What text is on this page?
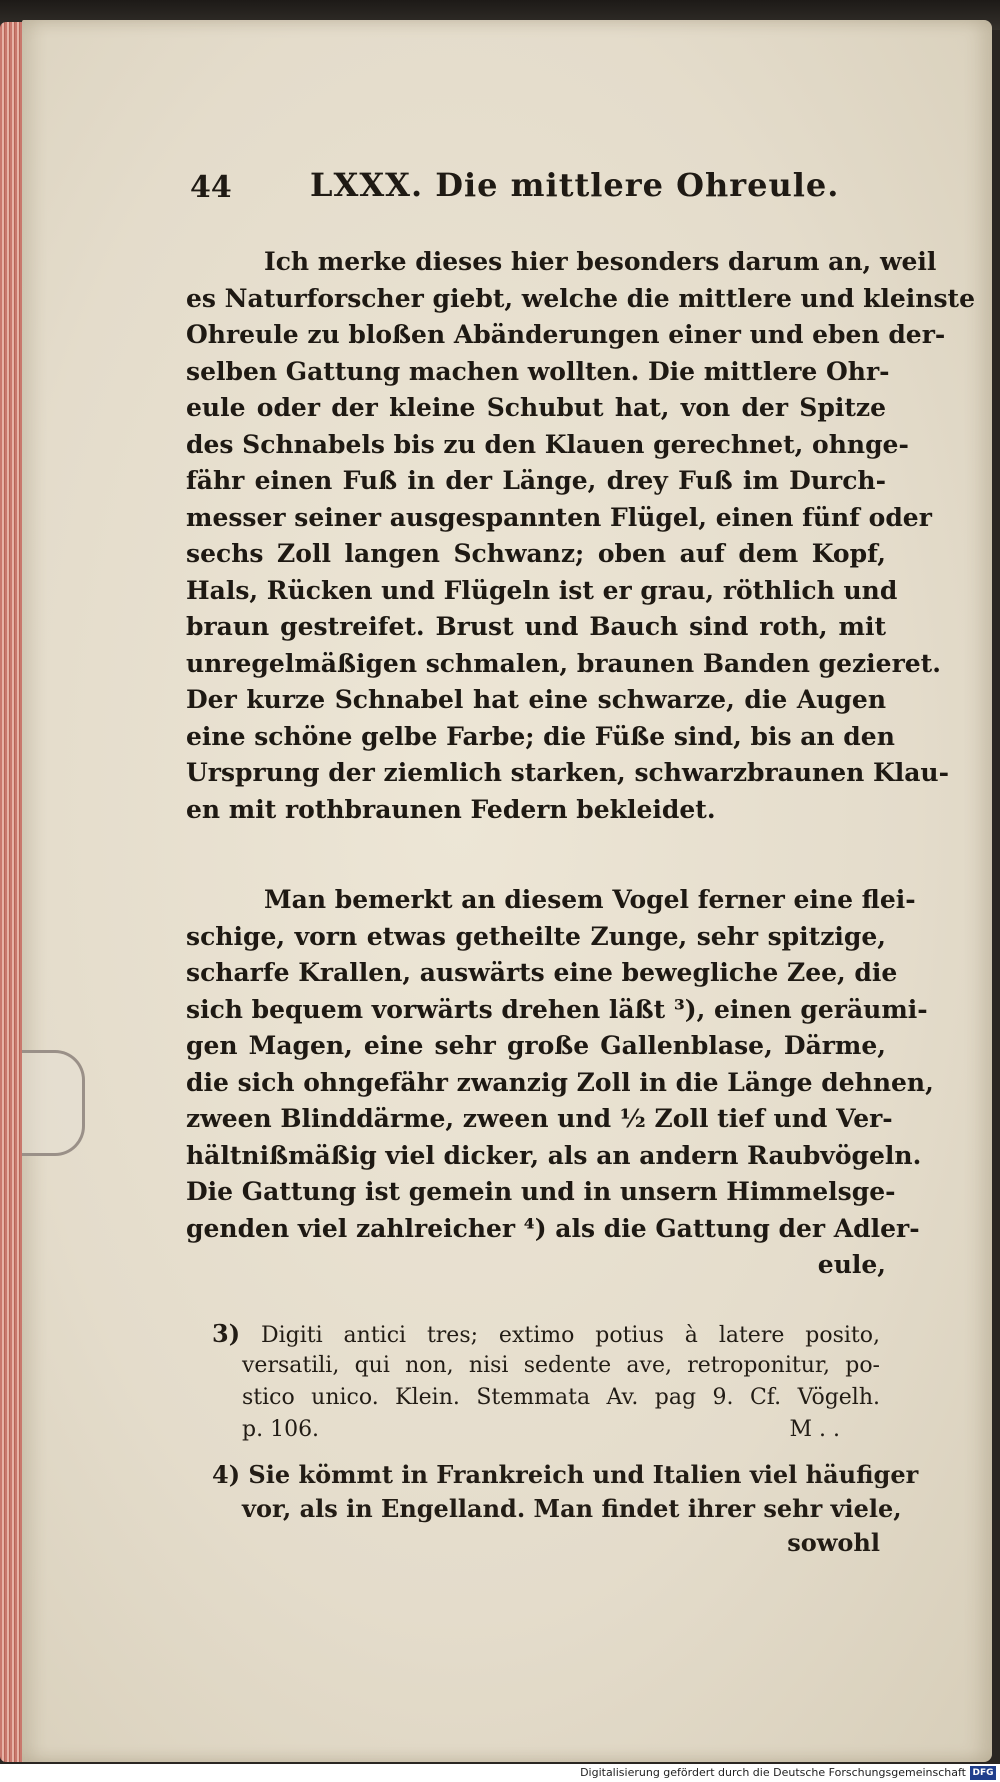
44 LXXX. Die mittlere Ohreule.
Ich merke dieses hier besonders darum an, weil
es Naturforscher giebt, welche die mittlere und kleinste
Ohreule zu bloßen Abänderungen einer und eben der-
selben Gattung machen wollten. Die mittlere Ohr-
eule oder der kleine Schubut hat, von der Spitze
des Schnabels bis zu den Klauen gerechnet, ohnge-
fähr einen Fuß in der Länge, drey Fuß im Durch-
messer seiner ausgespannten Flügel, einen fünf oder
sechs Zoll langen Schwanz; oben auf dem Kopf,
Hals, Rücken und Flügeln ist er grau, röthlich und
braun gestreifet. Brust und Bauch sind roth, mit
unregelmäßigen schmalen, braunen Banden gezieret.
Der kurze Schnabel hat eine schwarze, die Augen
eine schöne gelbe Farbe; die Füße sind, bis an den
Ursprung der ziemlich starken, schwarzbraunen Klau-
en mit rothbraunen Federn bekleidet.
Man bemerkt an diesem Vogel ferner eine flei-
schige, vorn etwas getheilte Zunge, sehr spitzige,
scharfe Krallen, auswärts eine bewegliche Zee, die
sich bequem vorwärts drehen läßt ³), einen geräumi-
gen Magen, eine sehr große Gallenblase, Därme,
die sich ohngefähr zwanzig Zoll in die Länge dehnen,
zween Blinddärme, zween und ½ Zoll tief und Ver-
hältnißmäßig viel dicker, als an andern Raubvögeln.
Die Gattung ist gemein und in unsern Himmelsge-
genden viel zahlreicher ⁴) als die Gattung der Adler-
eule,
3) Digiti antici tres; extimo potius à latere posito,
versatili, qui non, nisi sedente ave, retroponitur, po-
stico unico. Klein. Stemmata Av. pag 9. Cf. Vögelh.
p. 106.	M . .
4) Sie kömmt in Frankreich und Italien viel häufiger
vor, als in Engelland. Man findet ihrer sehr viele,
sowohl
Digitalisierung gefördert durch die Deutsche Forschungsgemeinschaft DFG
